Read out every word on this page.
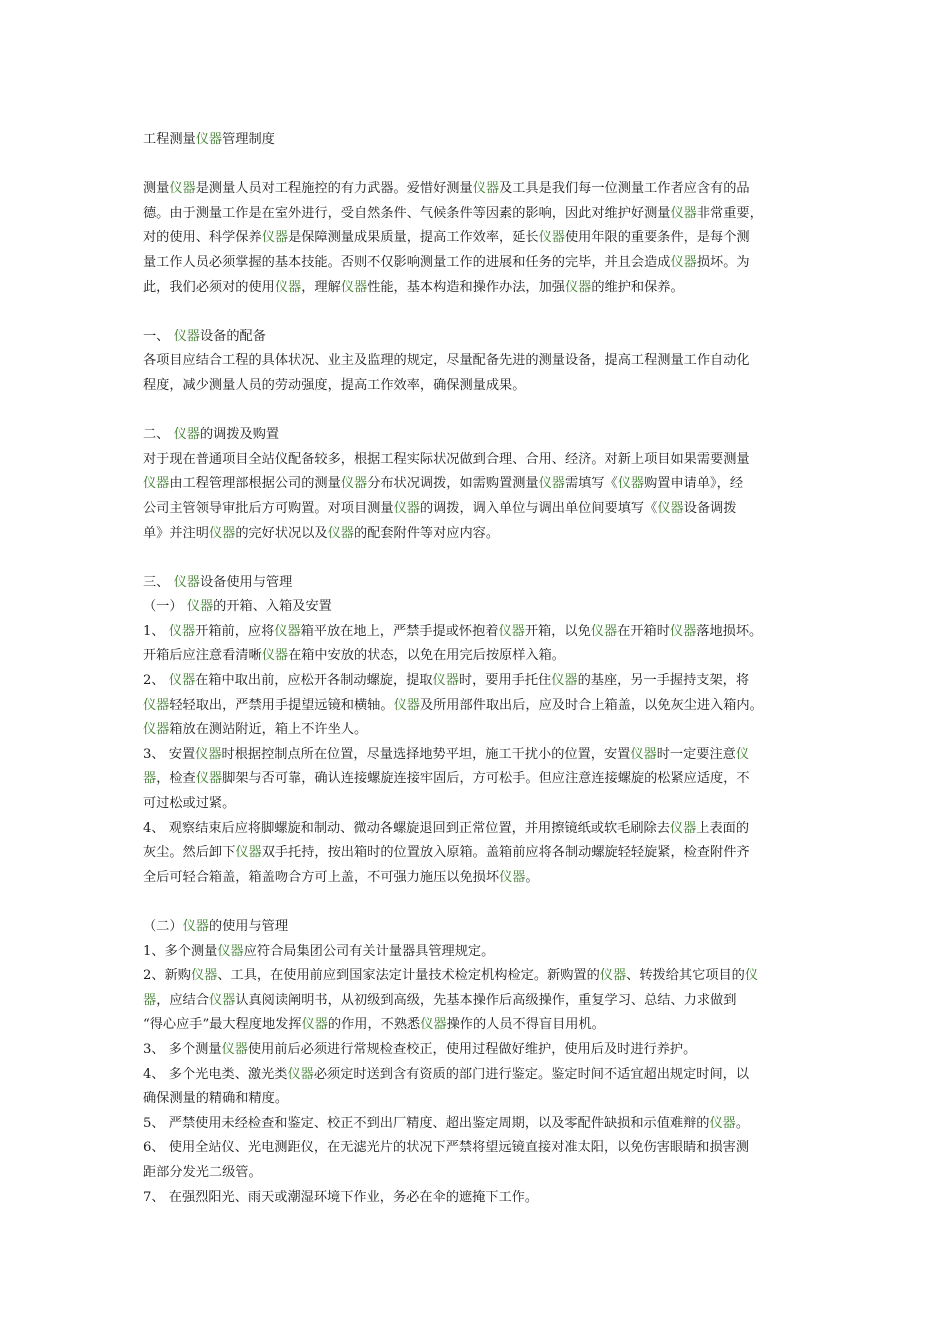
工程测量仪器管理制度

测量仪器是测量人员对工程施控的有力武器。爱惜好测量仪器及工具是我们每一位测量工作者应含有的品

德。由于测量工作是在室外进行，受自然条件、气候条件等因素的影响，因此对维护好测量仪器非常重要，

对的使用、科学保养仪器是保障测量成果质量，提高工作效率，延长仪器使用年限的重要条件，是每个测

量工作人员必须掌握的基本技能。否则不仅影响测量工作的进展和任务的完毕，并且会造成仪器损坏。为

此，我们必须对的使用仪器，理解仪器性能，基本构造和操作办法，加强仪器的维护和保养。

一、 仪器设备的配备

各项目应结合工程的具体状况、业主及监理的规定，尽量配备先进的测量设备，提高工程测量工作自动化

程度，减少测量人员的劳动强度，提高工作效率，确保测量成果。

二、 仪器的调拨及购置

对于现在普通项目全站仪配备较多，根据工程实际状况做到合理、合用、经济。对新上项目如果需要测量

仪器由工程管理部根据公司的测量仪器分布状况调拨，如需购置测量仪器需填写《仪器购置申请单》，经

公司主管领导审批后方可购置。对项目测量仪器的调拨，调入单位与调出单位间要填写《仪器设备调拨

单》并注明仪器的完好状况以及仪器的配套附件等对应内容。

三、 仪器设备使用与管理

（一） 仪器的开箱、入箱及安置

1、 仪器开箱前，应将仪器箱平放在地上，严禁手提或怀抱着仪器开箱，以免仪器在开箱时仪器落地损坏。

开箱后应注意看清晰仪器在箱中安放的状态，以免在用完后按原样入箱。

2、 仪器在箱中取出前，应松开各制动螺旋，提取仪器时，要用手托住仪器的基座，另一手握持支架，将

仪器轻轻取出，严禁用手提望远镜和横轴。仪器及所用部件取出后，应及时合上箱盖，以免灰尘进入箱内。

仪器箱放在测站附近，箱上不许坐人。

3、 安置仪器时根据控制点所在位置，尽量选择地势平坦，施工干扰小的位置，安置仪器时一定要注意仪

器，检查仪器脚架与否可靠，确认连接螺旋连接牢固后，方可松手。但应注意连接螺旋的松紧应适度，不

可过松或过紧。

4、 观察结束后应将脚螺旋和制动、微动各螺旋退回到正常位置，并用擦镜纸或软毛刷除去仪器上表面的

灰尘。然后卸下仪器双手托持，按出箱时的位置放入原箱。盖箱前应将各制动螺旋轻轻旋紧，检查附件齐

全后可轻合箱盖，箱盖吻合方可上盖，不可强力施压以免损坏仪器。

（二）仪器的使用与管理

1、多个测量仪器应符合局集团公司有关计量器具管理规定。

2、新购仪器、工具，在使用前应到国家法定计量技术检定机构检定。新购置的仪器、转拨给其它项目的仪

器，应结合仪器认真阅读阐明书，从初级到高级，先基本操作后高级操作，重复学习、总结、力求做到

“得心应手”最大程度地发挥仪器的作用，不熟悉仪器操作的人员不得盲目用机。

3、 多个测量仪器使用前后必须进行常规检查校正，使用过程做好维护，使用后及时进行养护。

4、 多个光电类、激光类仪器必须定时送到含有资质的部门进行鉴定。鉴定时间不适宜超出规定时间，以

确保测量的精确和精度。

5、 严禁使用未经检查和鉴定、校正不到出厂精度、超出鉴定周期，以及零配件缺损和示值难辩的仪器。

6、 使用全站仪、光电测距仪，在无滤光片的状况下严禁将望远镜直接对准太阳，以免伤害眼睛和损害测

距部分发光二级管。

7、 在强烈阳光、雨天或潮湿环境下作业，务必在伞的遮掩下工作。
